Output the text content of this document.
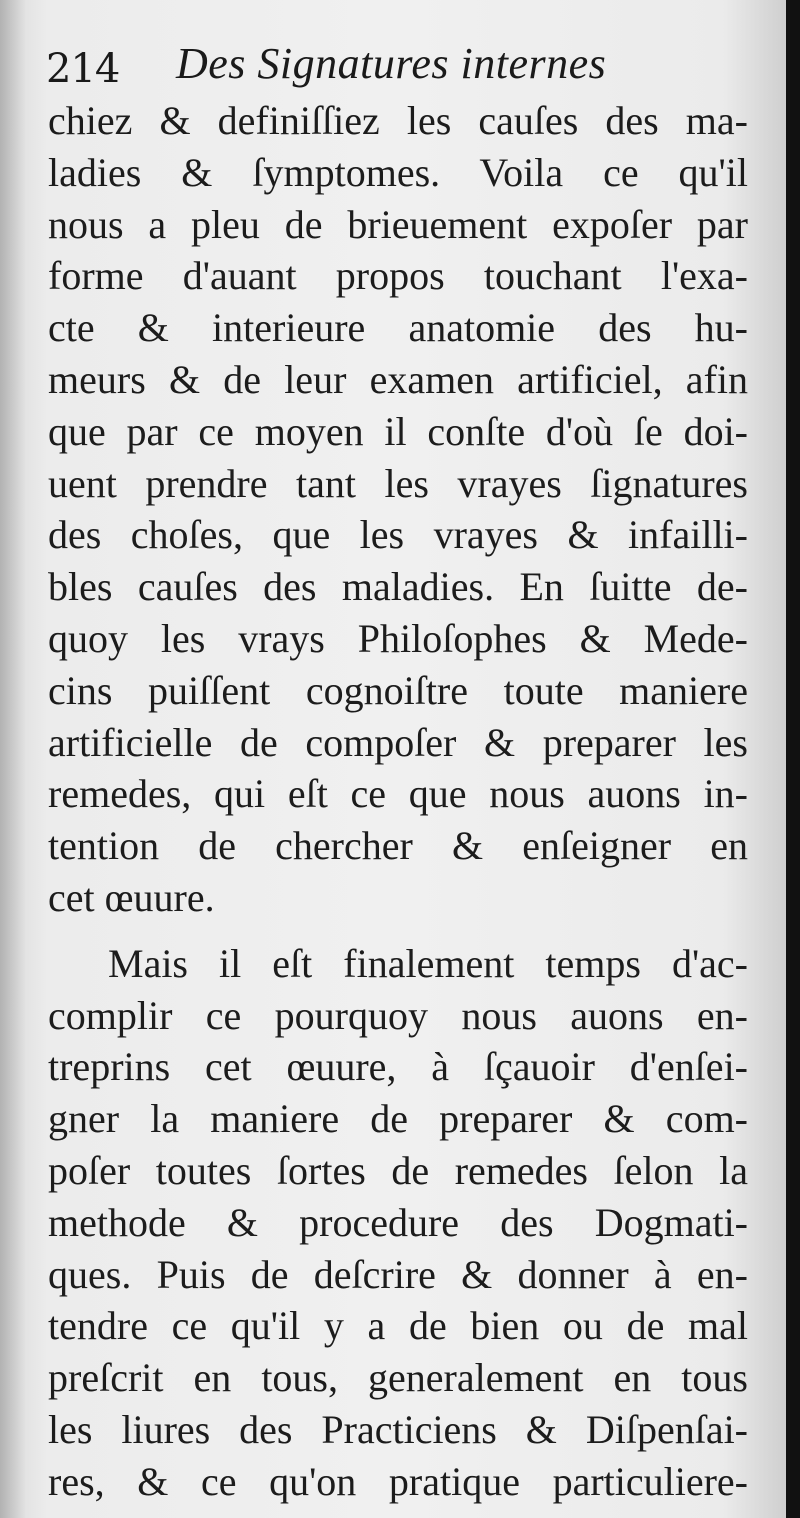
214 Des Signatures internes
chiez & definiſſiez les cauſes des ma-
ladies & ſymptomes. Voila ce qu'il
nous a pleu de brieuement expoſer par
forme d'auant propos touchant l'exa-
cte & interieure anatomie des hu-
meurs & de leur examen artificiel, afin
que par ce moyen il conſte d'où ſe doi-
uent prendre tant les vrayes ſignatures
des choſes, que les vrayes & infailli-
bles cauſes des maladies. En ſuitte de-
quoy les vrays Philoſophes & Mede-
cins puiſſent cognoiſtre toute maniere
artificielle de compoſer & preparer les
remedes, qui eſt ce que nous auons in-
tention de chercher & enſeigner en
cet œuure.
Mais il eſt finalement temps d'ac-
complir ce pourquoy nous auons en-
treprins cet œuure, à ſçauoir d'enſei-
gner la maniere de preparer & com-
poſer toutes ſortes de remedes ſelon la
methode & procedure des Dogmati-
ques. Puis de deſcrire & donner à en-
tendre ce qu'il y a de bien ou de mal
preſcrit en tous, generalement en tous
les liures des Practiciens & Diſpenſai-
res, & ce qu'on pratique particuliere-
